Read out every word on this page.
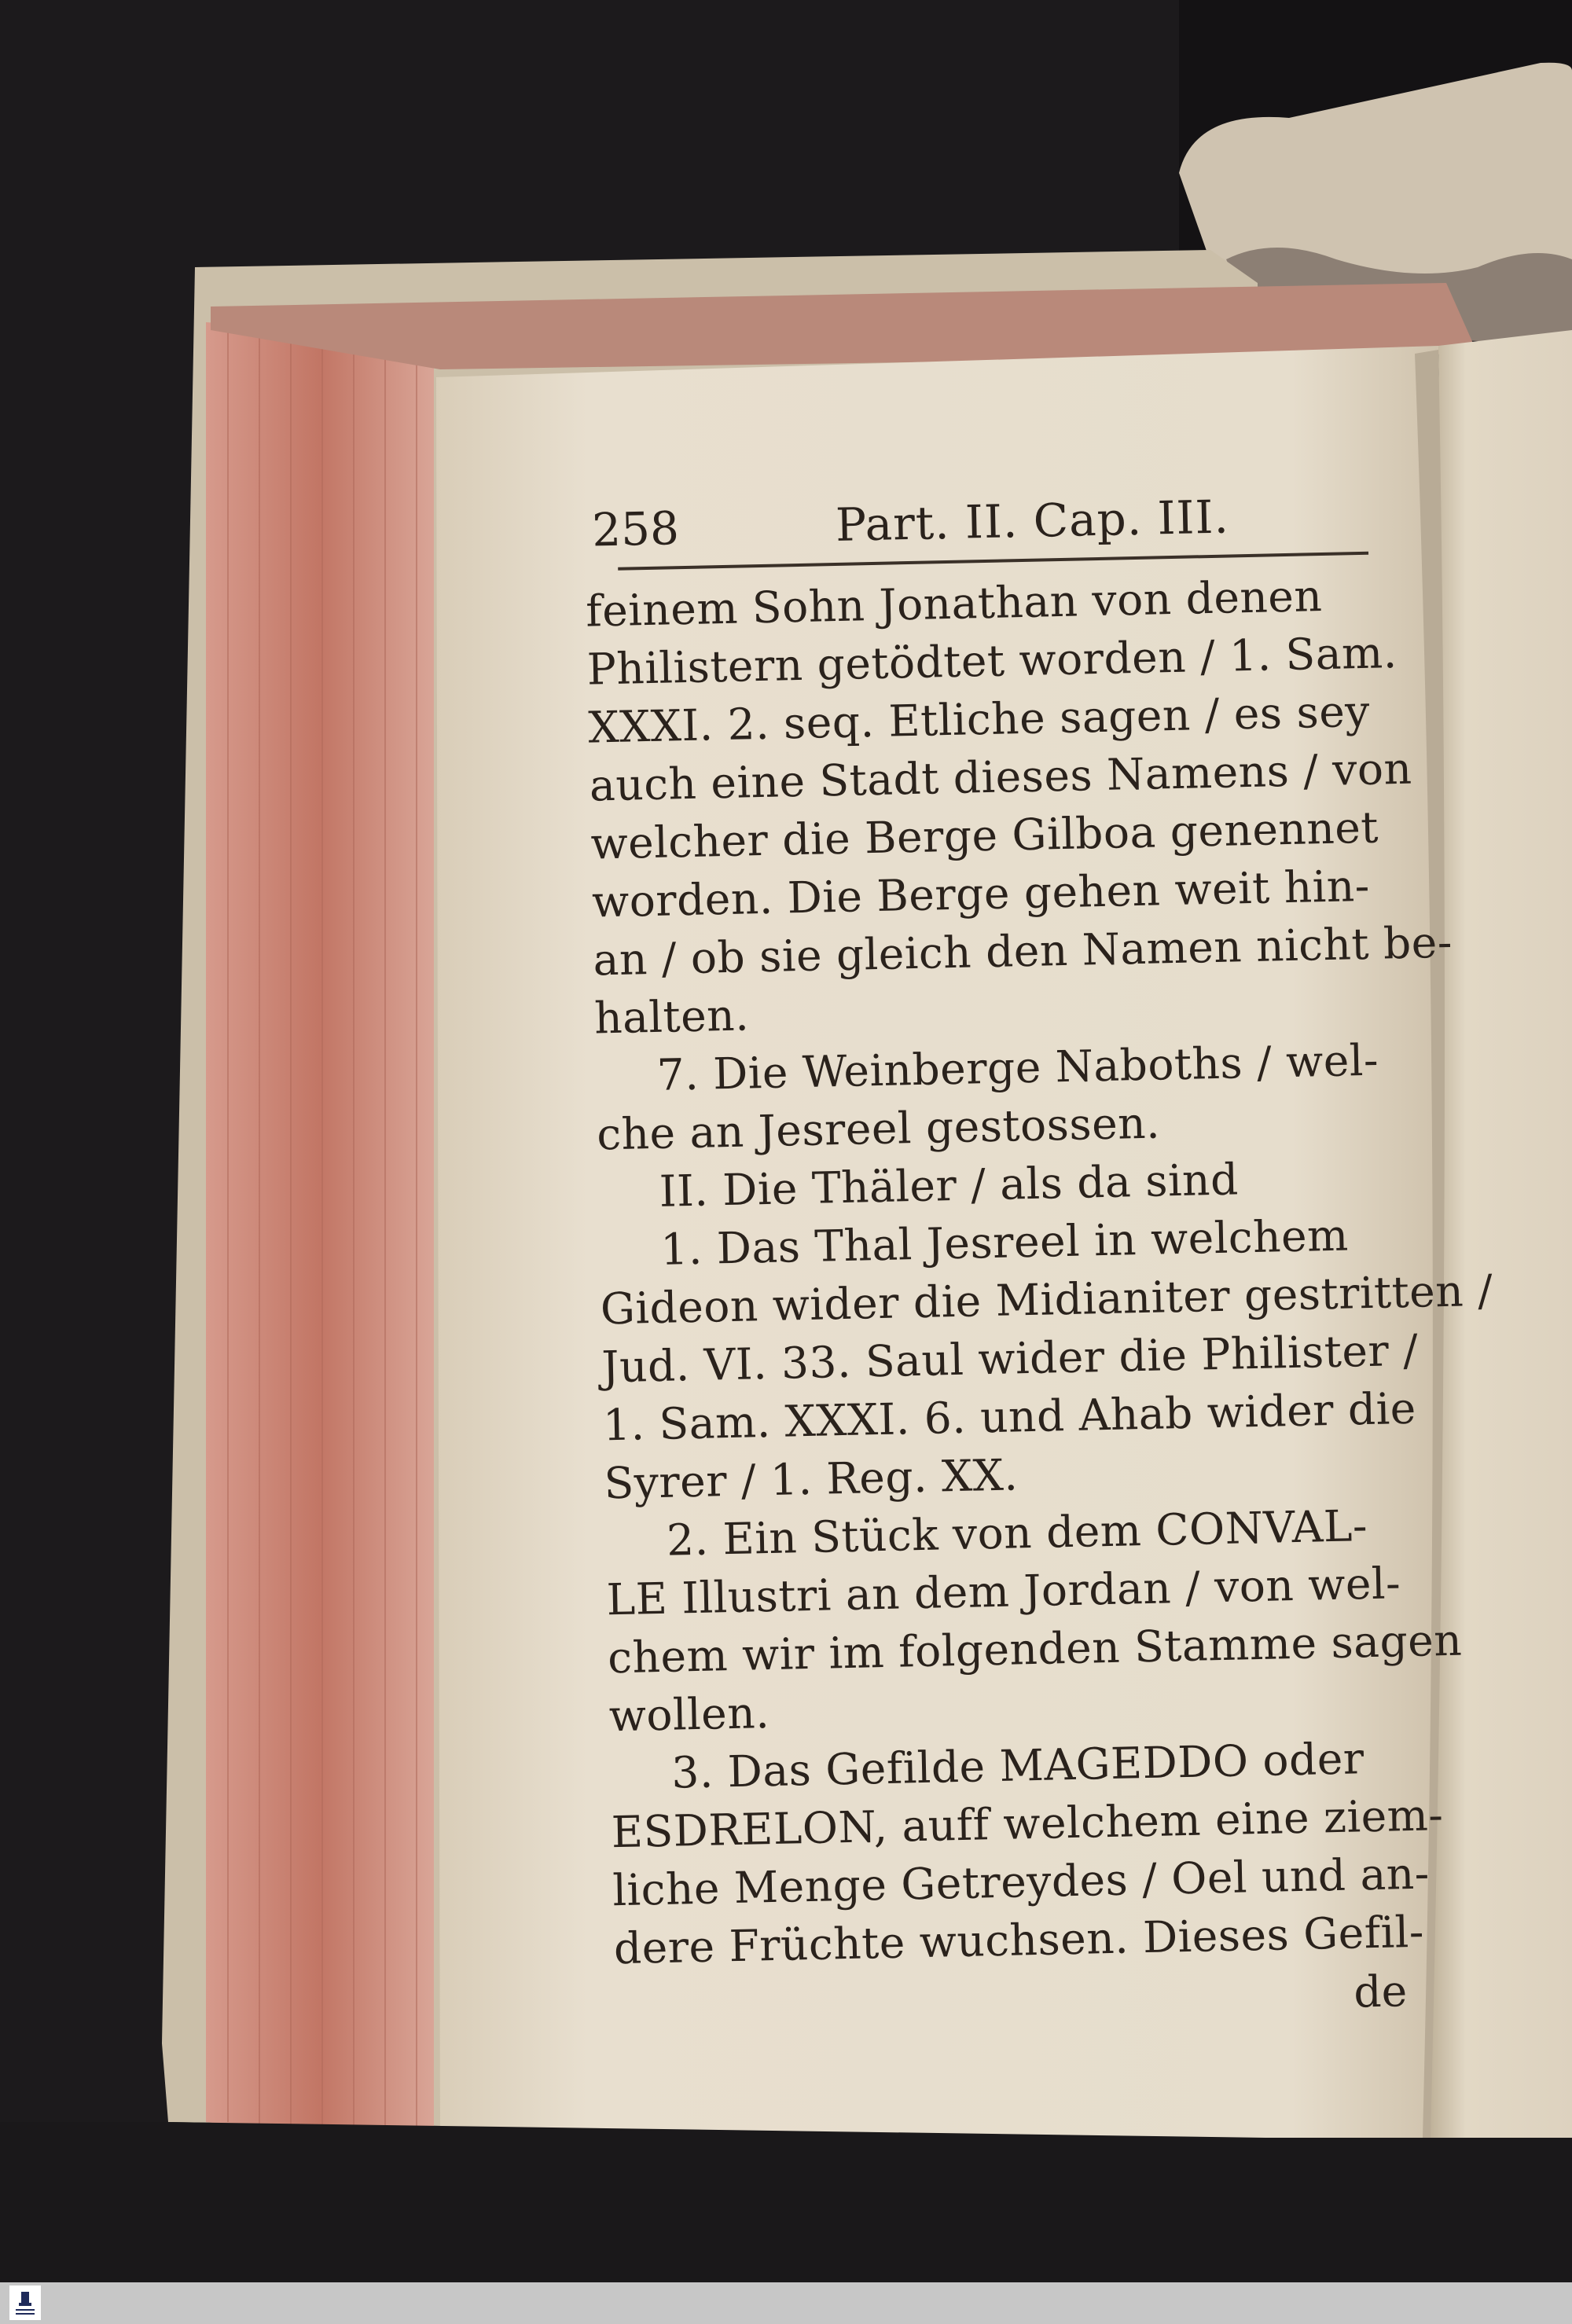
258	Part. II. Cap. III.
feinem Sohn Jonathan von denen
Philistern getödtet worden / 1. Sam.
XXXI. 2. seq. Etliche sagen / es sey
auch eine Stadt dieses Namens / von
welcher die Berge Gilboa genennet
worden. Die Berge gehen weit hin-
an / ob sie gleich den Namen nicht be-
halten.
7. Die Weinberge Naboths / wel-
che an Jesreel gestossen.
II. Die Thäler / als da sind
1. Das Thal Jesreel in welchem
Gideon wider die Midianiter gestritten /
Jud. VI. 33. Saul wider die Philister /
1. Sam. XXXI. 6. und Ahab wider die
Syrer / 1. Reg. XX.
2. Ein Stück von dem CONVAL-
LE Illustri an dem Jordan / von wel-
chem wir im folgenden Stamme sagen
wollen.
3. Das Gefilde MAGEDDO oder
ESDRELON, auff welchem eine ziem-
liche Menge Getreydes / Oel und an-
dere Früchte wuchsen. Dieses Gefil-
de
